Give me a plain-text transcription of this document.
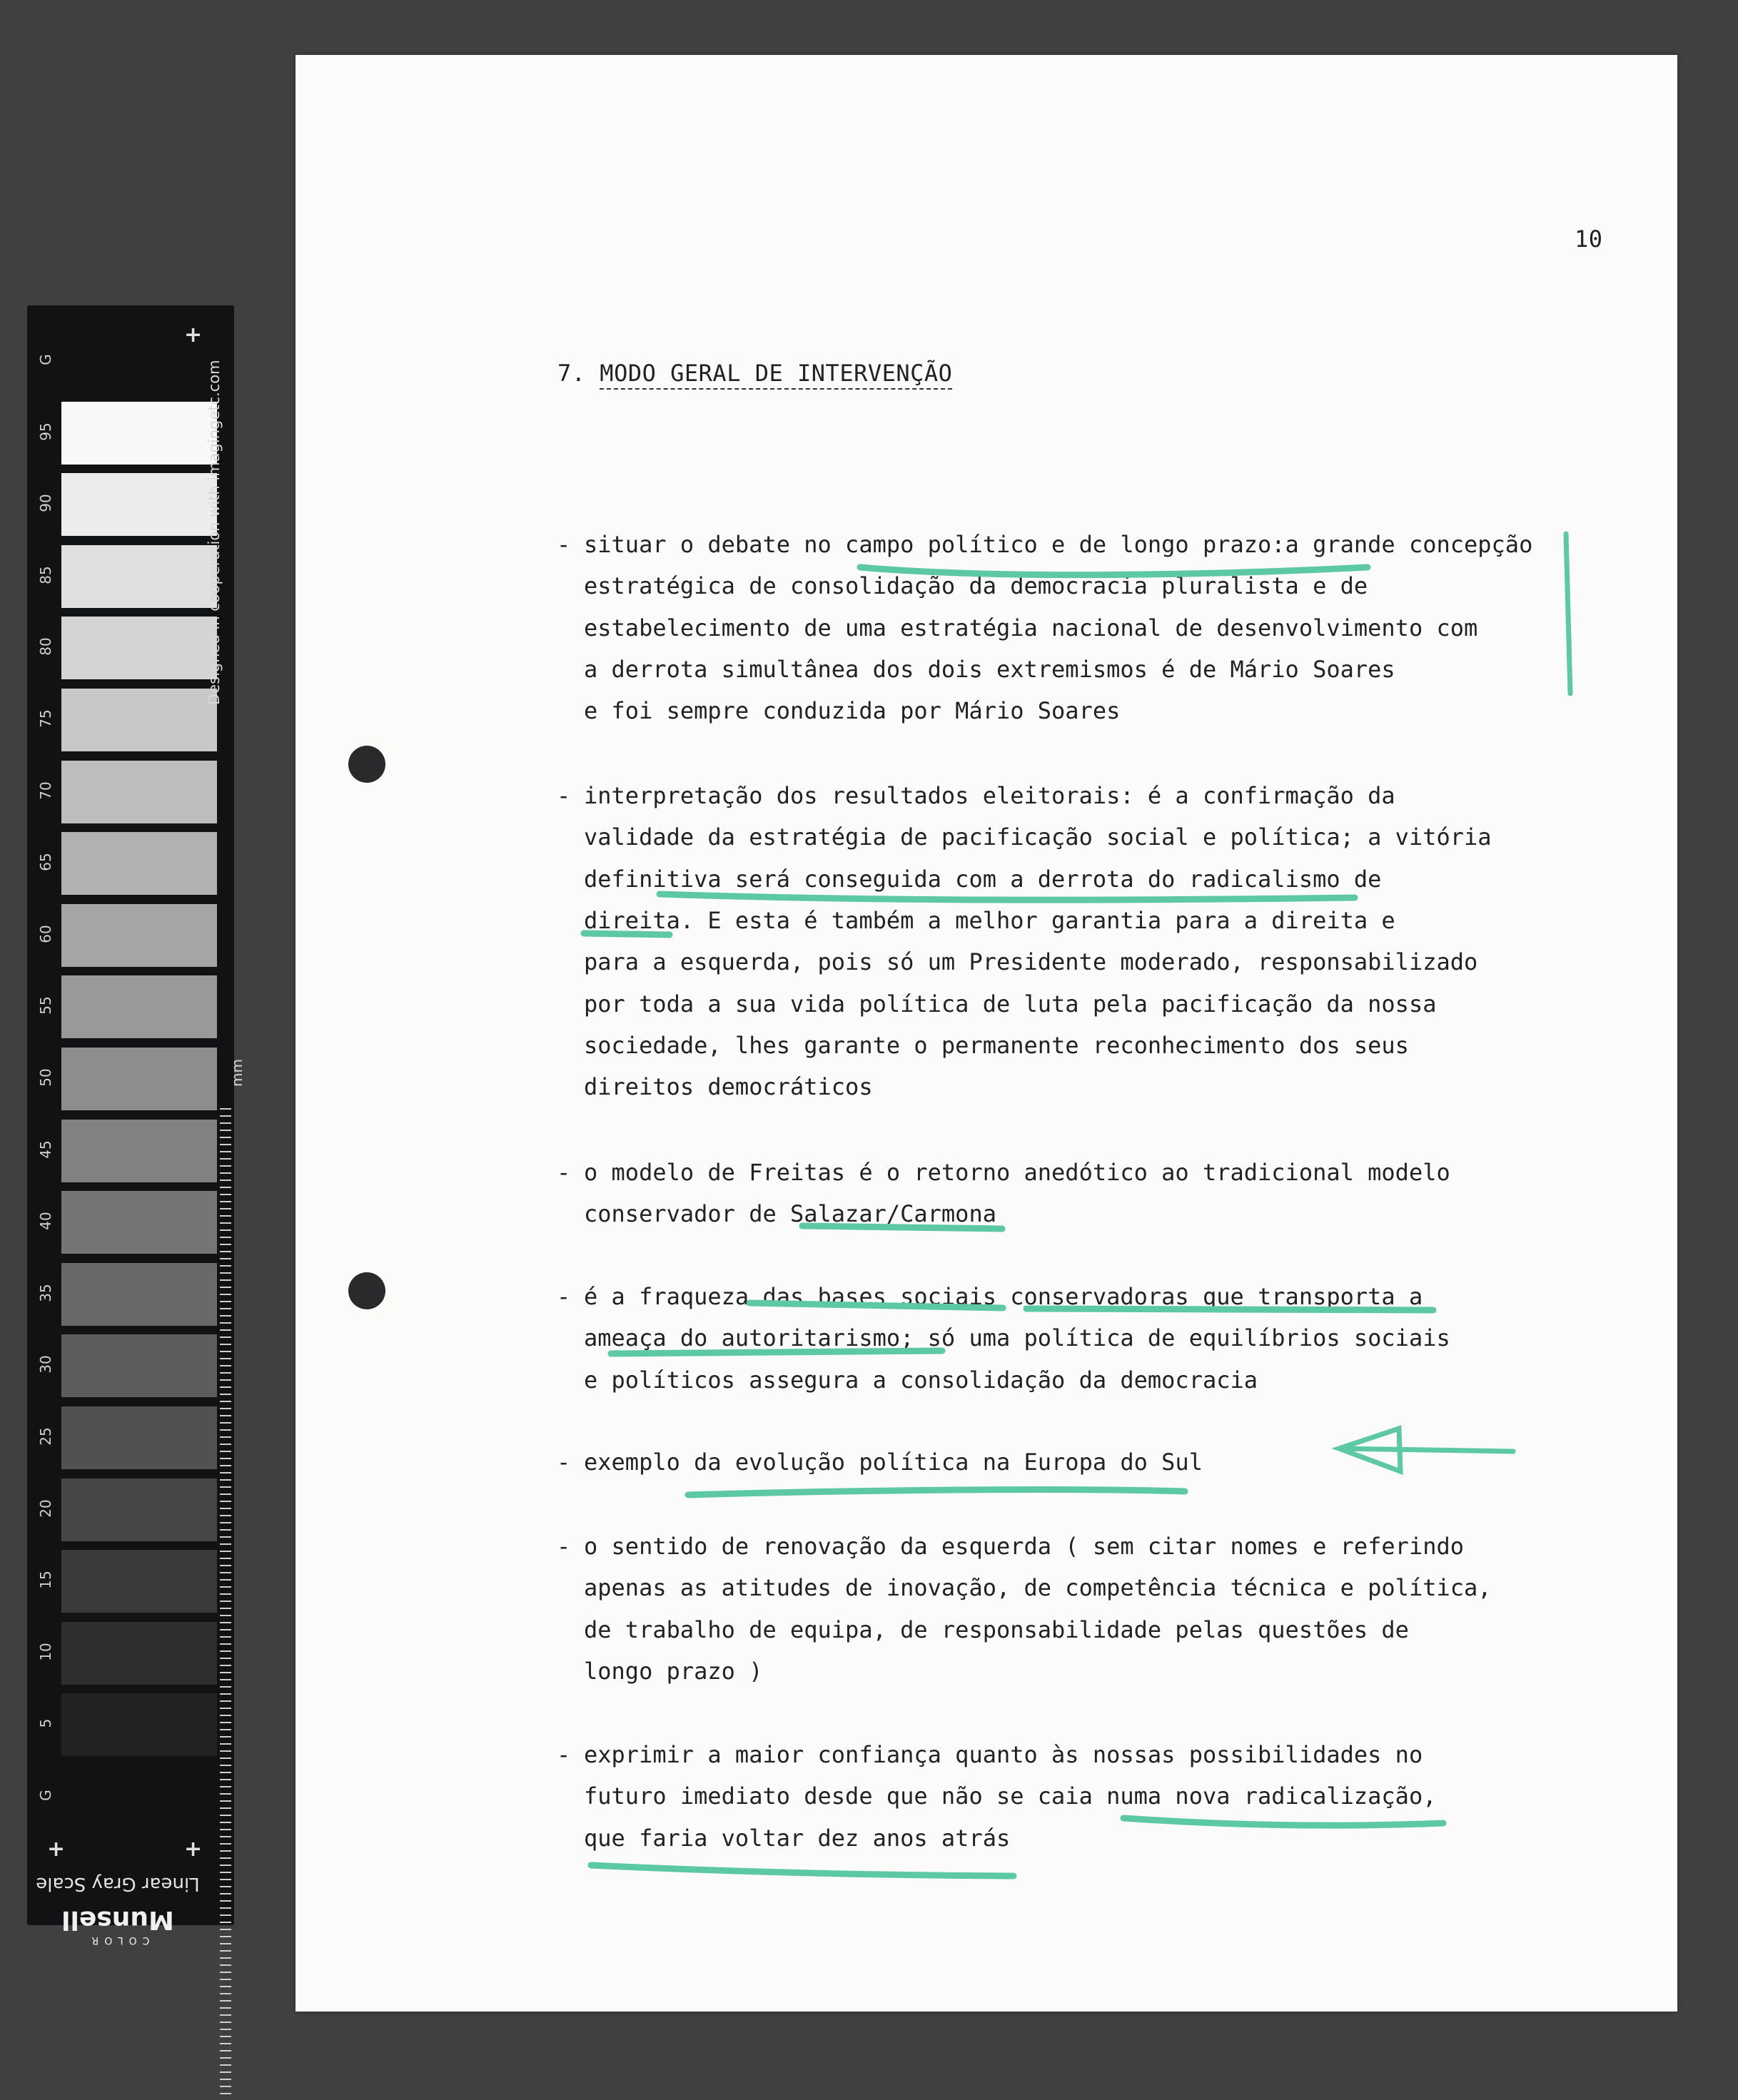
G
95
90
85
80
75
70
65
60
55
50
45
40
35
30
25
20
15
10
5
G
Designed in cooperation with imagingetc.com
mm
+
+	+
Linear Gray Scale
COLOR
Munsell
10
7. MODO GERAL DE INTERVENÇÃO
- situar o debate no campo político e de longo prazo:a grande concepção
estratégica de consolidação da democracia pluralista e de
estabelecimento de uma estratégia nacional de desenvolvimento com
a derrota simultânea dos dois extremismos é de Mário Soares
e foi sempre conduzida por Mário Soares
- interpretação dos resultados eleitorais: é a confirmação da
validade da estratégia de pacificação social e política; a vitória
definitiva será conseguida com a derrota do radicalismo de
direita. E esta é também a melhor garantia para a direita e
para a esquerda, pois só um Presidente moderado, responsabilizado
por toda a sua vida política de luta pela pacificação da nossa
sociedade, lhes garante o permanente reconhecimento dos seus
direitos democráticos
- o modelo de Freitas é o retorno anedótico ao tradicional modelo
conservador de Salazar/Carmona
- é a fraqueza das bases sociais conservadoras que transporta a
ameaça do autoritarismo; só uma política de equilíbrios sociais
e políticos assegura a consolidação da democracia
- exemplo da evolução política na Europa do Sul
- o sentido de renovação da esquerda ( sem citar nomes e referindo
apenas as atitudes de inovação, de competência técnica e política,
de trabalho de equipa, de responsabilidade pelas questões de
longo prazo )
- exprimir a maior confiança quanto às nossas possibilidades no
futuro imediato desde que não se caia numa nova radicalização,
que faria voltar dez anos atrás
